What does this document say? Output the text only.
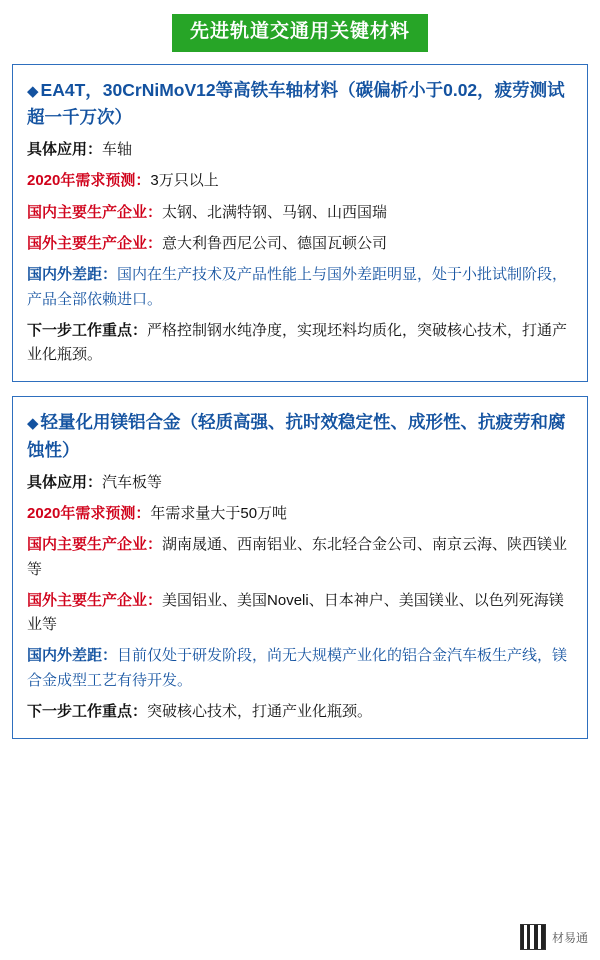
先进轨道交通用关键材料
◆ EA4T，30CrNiMoV12等高铁车轴材料（碳偏析小于0.02，疲劳测试超一千万次）
具体应用：车轴
2020年需求预测：3万只以上
国内主要生产企业：太钢、北满特钢、马钢、山西国瑞
国外主要生产企业：意大利鲁西尼公司、德国瓦顿公司
国内外差距：国内在生产技术及产品性能上与国外差距明显，处于小批试制阶段，产品全部依赖进口。
下一步工作重点：严格控制钢水纯净度，实现坯料均质化，突破核心技术，打通产业化瓶颈。
◆ 轻量化用镁铝合金（轻质高强、抗时效稳定性、成形性、抗疲劳和腐蚀性）
具体应用：汽车板等
2020年需求预测：年需求量大于50万吨
国内主要生产企业：湖南晟通、西南铝业、东北轻合金公司、南京云海、陕西镁业等
国外主要生产企业：美国铝业、美国Noveli、日本神户、美国镁业、以色列死海镁业等
国内外差距：目前仅处于研发阶段，尚无大规模产业化的铝合金汽车板生产线，镁合金成型工艺有待开发。
下一步工作重点：突破核心技术，打通产业化瓶颈。
材易通
